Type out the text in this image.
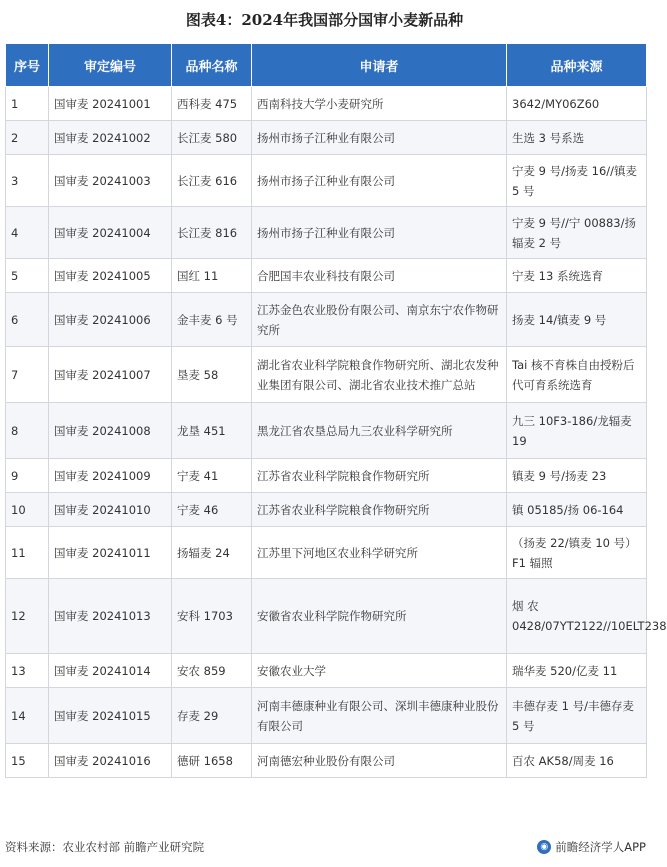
图表4：2024年我国部分国审小麦新品种
序号	审定编号	品种名称	申请者	品种来源
1	国审麦 20241001	西科麦 475	西南科技大学小麦研究所	3642/MY06Z60
2	国审麦 20241002	长江麦 580	扬州市扬子江种业有限公司	生选 3 号系选
3	国审麦 20241003	长江麦 616	扬州市扬子江种业有限公司	宁麦 9 号/扬麦 16//镇麦 5 号
4	国审麦 20241004	长江麦 816	扬州市扬子江种业有限公司	宁麦 9 号//宁 00883/扬辐麦 2 号
5	国审麦 20241005	国红 11	合肥国丰农业科技有限公司	宁麦 13 系统选育
6	国审麦 20241006	金丰麦 6 号	江苏金色农业股份有限公司、南京东宁农作物研究所	扬麦 14/镇麦 9 号
7	国审麦 20241007	垦麦 58	湖北省农业科学院粮食作物研究所、湖北农发种业集团有限公司、湖北省农业技术推广总站	Tai 核不育株自由授粉后代可育系统选育
8	国审麦 20241008	龙垦 451	黑龙江省农垦总局九三农业科学研究所	九三 10F3-186/龙辐麦 19
9	国审麦 20241009	宁麦 41	江苏省农业科学院粮食作物研究所	镇麦 9 号/扬麦 23
10	国审麦 20241010	宁麦 46	江苏省农业科学院粮食作物研究所	镇 05185/扬 06-164
11	国审麦 20241011	扬辐麦 24	江苏里下河地区农业科学研究所	（扬麦 22/镇麦 10 号）F1 辐照
12	国审麦 20241013	安科 1703	安徽省农业科学院作物研究所	烟 农 0428/07YT2122//10ELT238
13	国审麦 20241014	安农 859	安徽农业大学	瑞华麦 520/亿麦 11
14	国审麦 20241015	存麦 29	河南丰德康种业有限公司、深圳丰德康种业股份有限公司	丰德存麦 1 号/丰德存麦 5 号
15	国审麦 20241016	德研 1658	河南德宏种业股份有限公司	百农 AK58/周麦 16
资料来源：农业农村部 前瞻产业研究院	◉ 前瞻经济学人APP
